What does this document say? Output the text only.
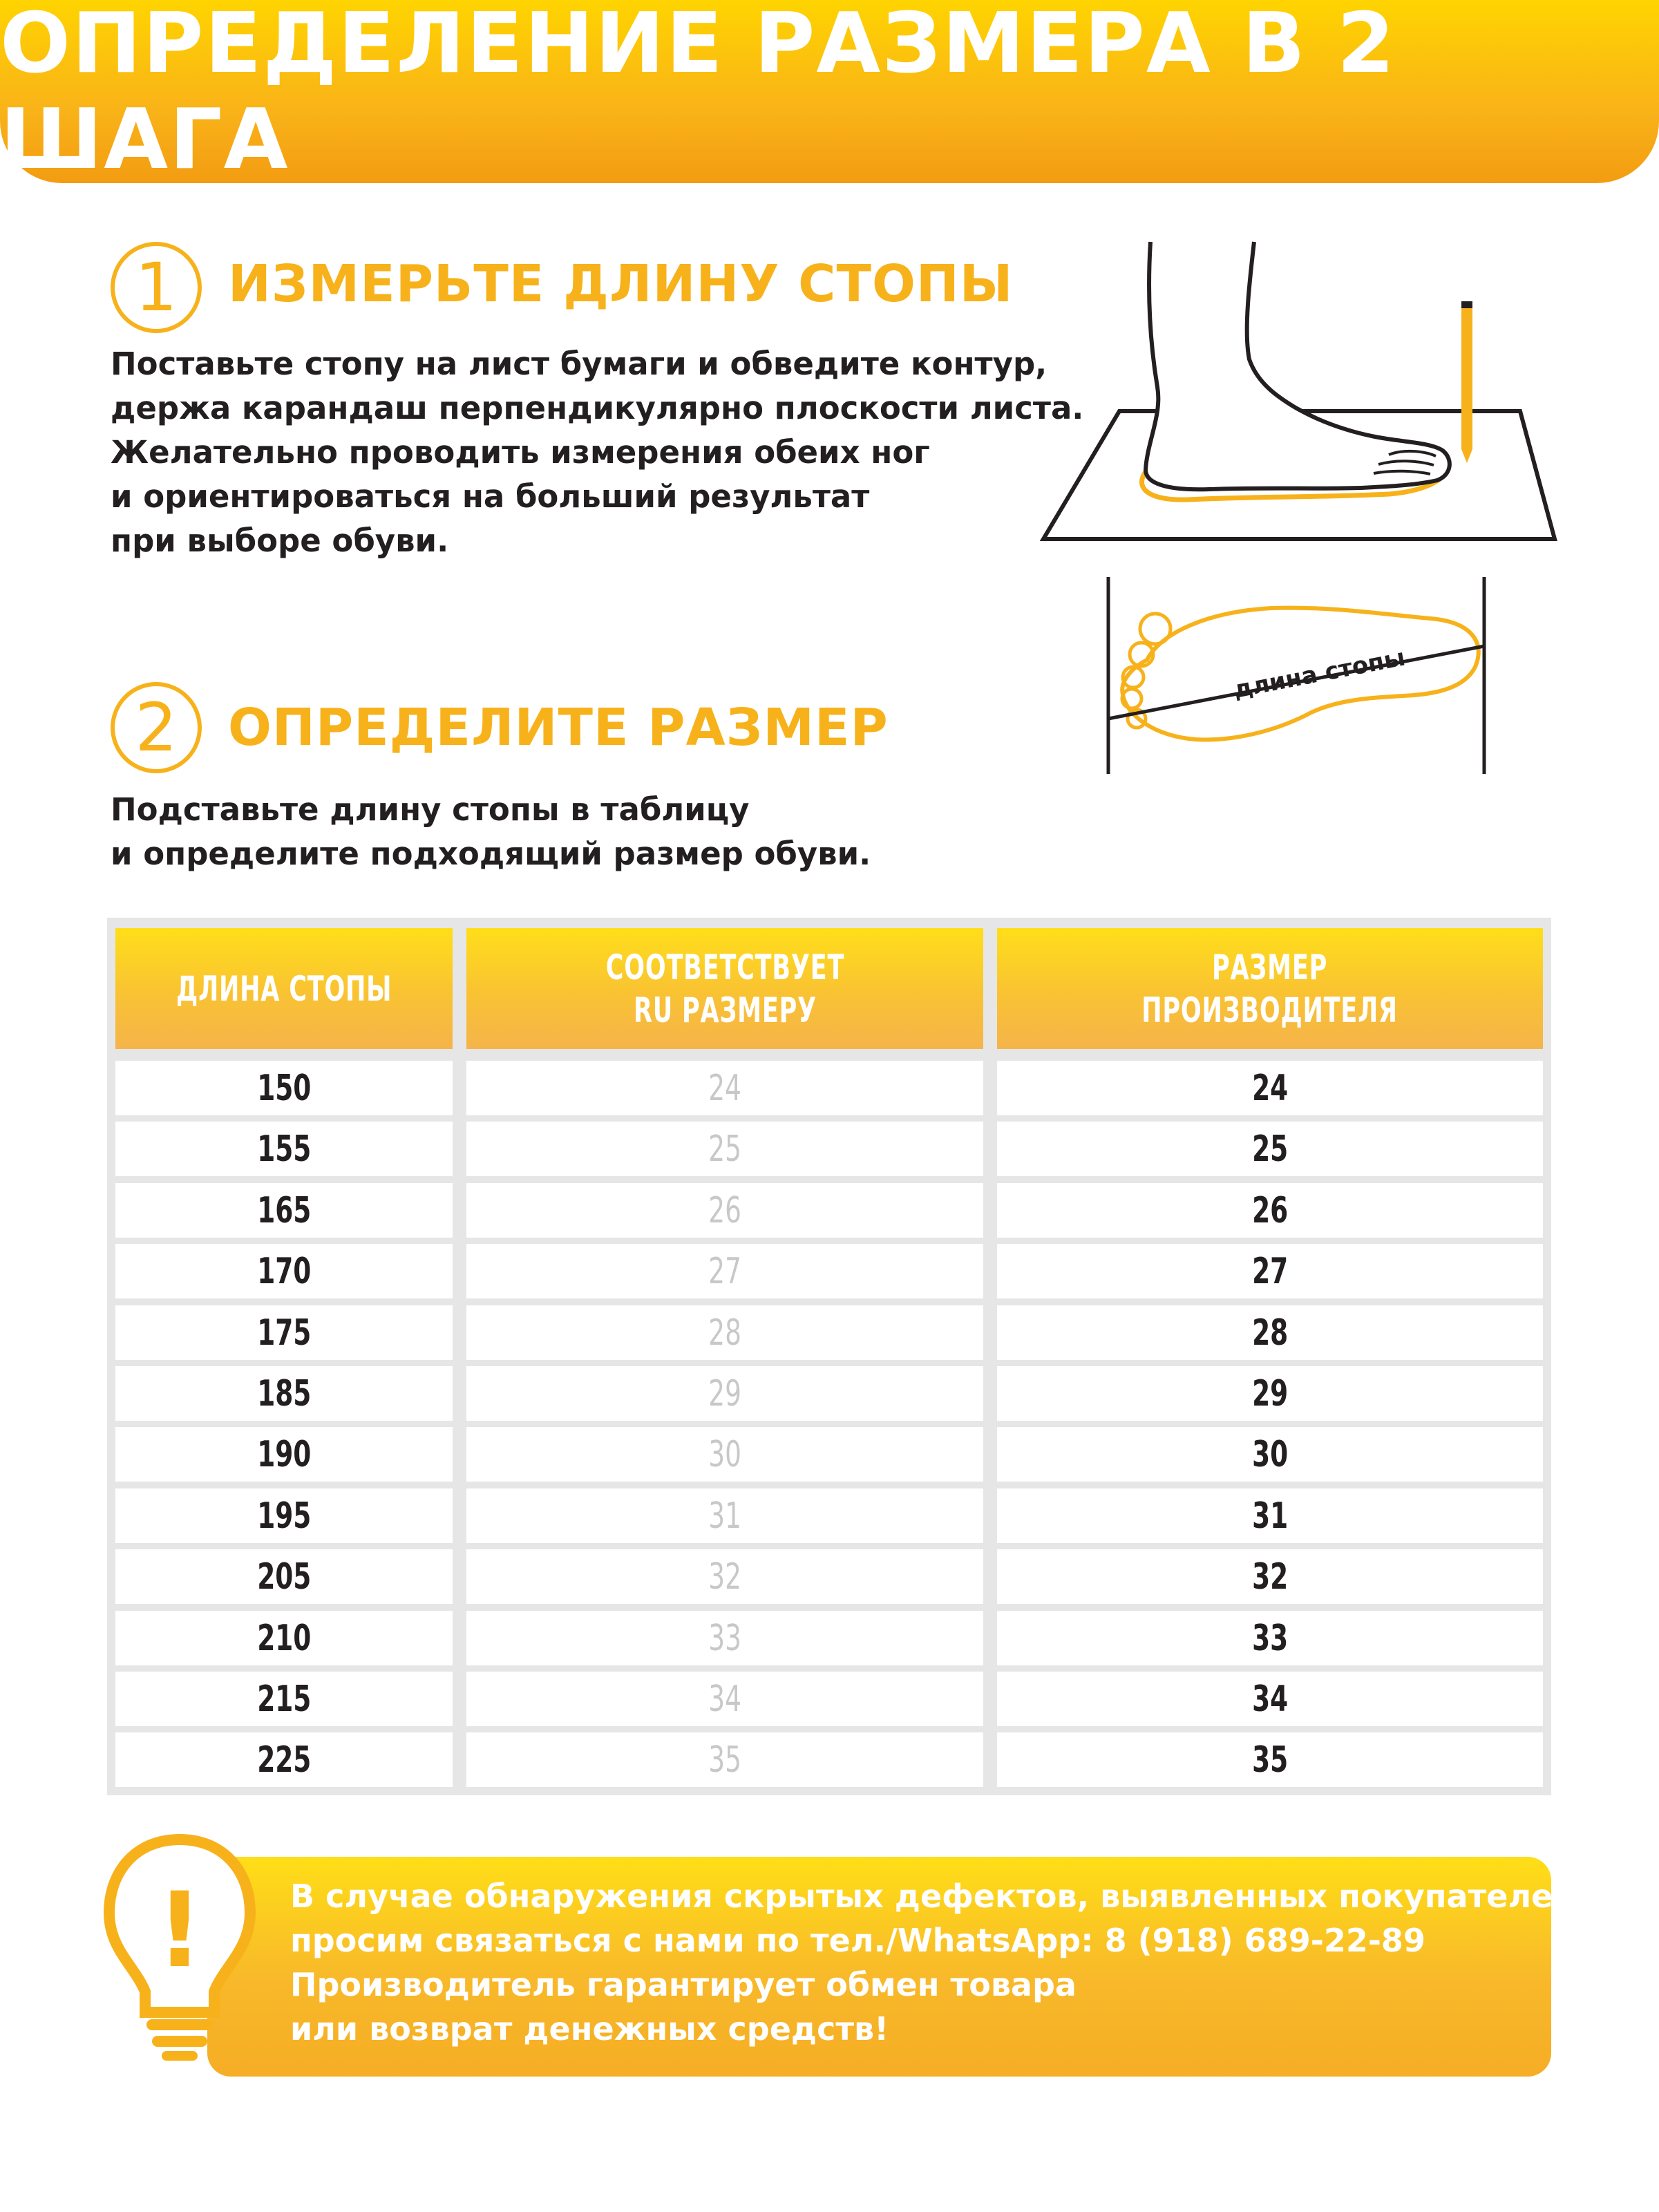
ОПРЕДЕЛЕНИЕ РАЗМЕРА В 2 ШАГА
1 ИЗМЕРЬТЕ ДЛИНУ СТОПЫ
Поставьте стопу на лист бумаги и обведите контур,
держа карандаш перпендикулярно плоскости листа.
Желательно проводить измерения обеих ног
и ориентироваться на больший результат
при выборе обуви.
длина стопы
2 ОПРЕДЕЛИТЕ РАЗМЕР
Подставьте длину стопы в таблицу
и определите подходящий размер обуви.
ДЛИНА СТОПЫ
СООТВЕТСТВУЕТ
RU РАЗМЕРУ
РАЗМЕР
ПРОИЗВОДИТЕЛЯ
150	24	24
155	25	25
165	26	26
170	27	27
175	28	28
185	29	29
190	30	30
195	31	31
205	32	32
210	33	33
215	34	34
225	35	35
!	В случае обнаружения скрытых дефектов, выявленных покупателем,
просим связаться с нами по тел./WhatsApp: 8 (918) 689-22-89
Производитель гарантирует обмен товара
или возврат денежных средств!
